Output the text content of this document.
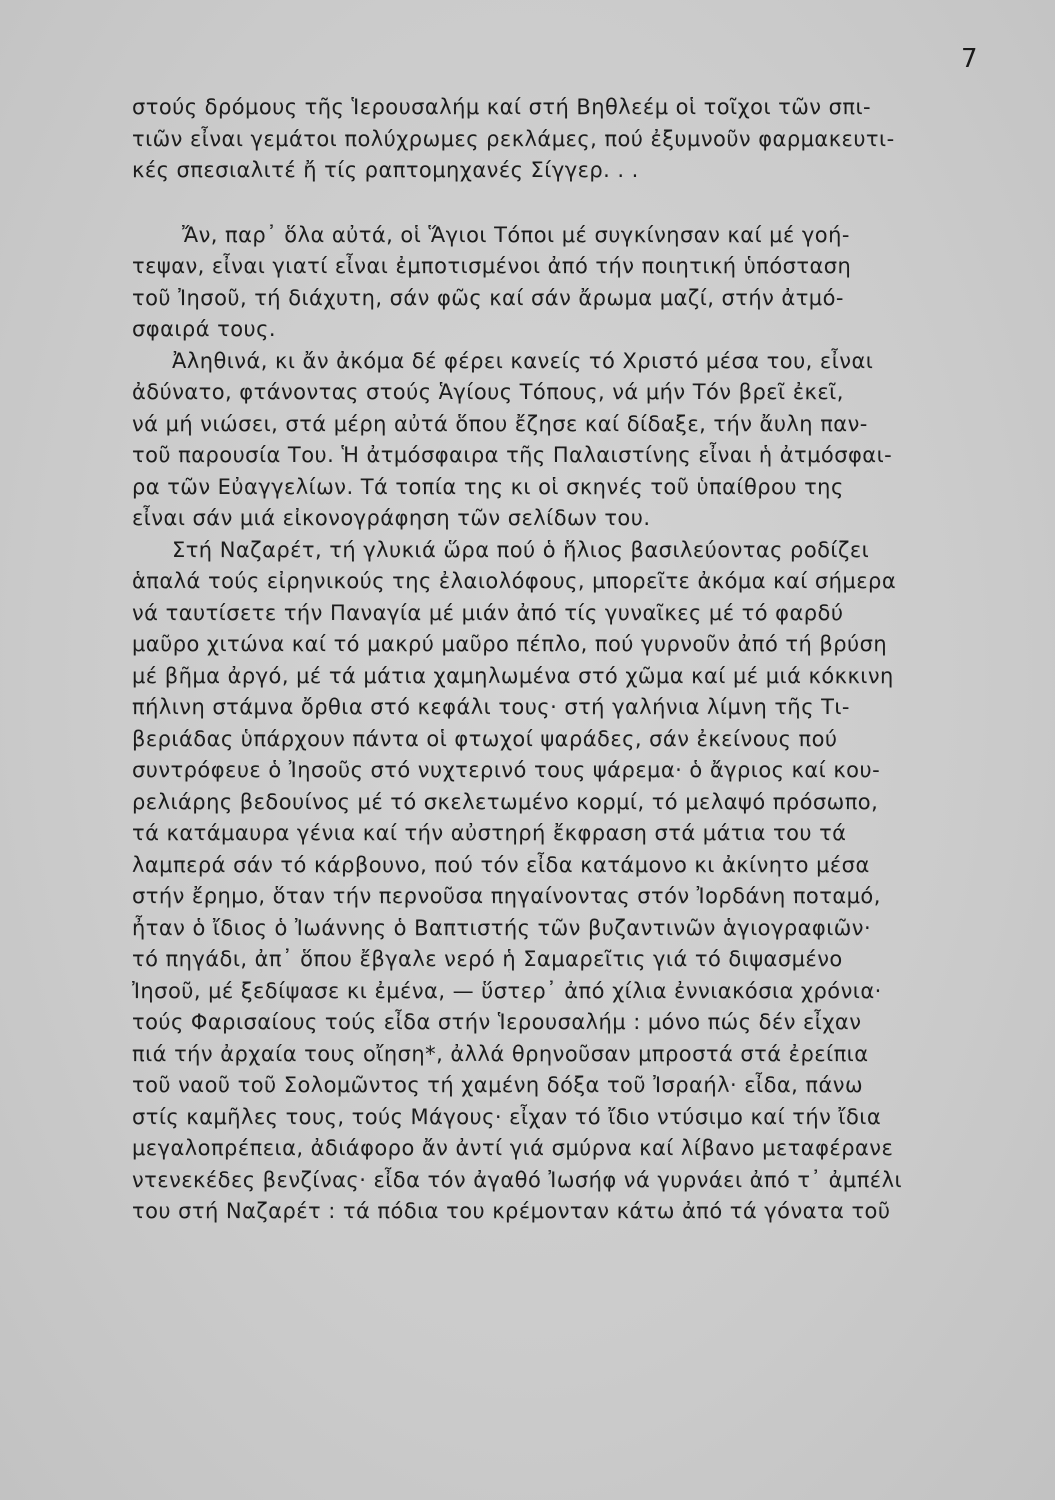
7
στούς δρόμους τῆς Ἱερουσαλήμ καί στή Βηθλεέμ οἱ τοῖχοι τῶν σπι-
τιῶν εἶναι γεμάτοι πολύχρωμες ρεκλάμες, πού ἐξυμνοῦν φαρμακευτι-
κές σπεσιαλιτέ ἤ τίς ραπτομηχανές Σίγγερ. . .
Ἄν, παρ᾽ ὅλα αὐτά, οἱ Ἅγιοι Τόποι μέ συγκίνησαν καί μέ γοή-
τεψαν, εἶναι γιατί εἶναι ἐμποτισμένοι ἀπό τήν ποιητική ὑπόσταση
τοῦ Ἰησοῦ, τή διάχυτη, σάν φῶς καί σάν ἄρωμα μαζί, στήν ἀτμό-
σφαιρά τους.
Ἀληθινά, κι ἄν ἀκόμα δέ φέρει κανείς τό Χριστό μέσα του, εἶναι
ἀδύνατο, φτάνοντας στούς Ἁγίους Τόπους, νά μήν Τόν βρεῖ ἐκεῖ,
νά μή νιώσει, στά μέρη αὐτά ὅπου ἔζησε καί δίδαξε, τήν ἄυλη παν-
τοῦ παρουσία Του. Ἡ ἀτμόσφαιρα τῆς Παλαιστίνης εἶναι ἡ ἀτμόσφαι-
ρα τῶν Εὐαγγελίων. Τά τοπία της κι οἱ σκηνές τοῦ ὑπαίθρου της
εἶναι σάν μιά εἰκονογράφηση τῶν σελίδων του.
Στή Ναζαρέτ, τή γλυκιά ὥρα πού ὁ ἥλιος βασιλεύοντας ροδίζει
ἁπαλά τούς εἰρηνικούς της ἐλαιολόφους, μπορεῖτε ἀκόμα καί σήμερα
νά ταυτίσετε τήν Παναγία μέ μιάν ἀπό τίς γυναῖκες μέ τό φαρδύ
μαῦρο χιτώνα καί τό μακρύ μαῦρο πέπλο, πού γυρνοῦν ἀπό τή βρύση
μέ βῆμα ἀργό, μέ τά μάτια χαμηλωμένα στό χῶμα καί μέ μιά κόκκινη
πήλινη στάμνα ὄρθια στό κεφάλι τους· στή γαλήνια λίμνη τῆς Τι-
βεριάδας ὑπάρχουν πάντα οἱ φτωχοί ψαράδες, σάν ἐκείνους πού
συντρόφευε ὁ Ἰησοῦς στό νυχτερινό τους ψάρεμα· ὁ ἄγριος καί κου-
ρελιάρης βεδουίνος μέ τό σκελετωμένο κορμί, τό μελαψό πρόσωπο,
τά κατάμαυρα γένια καί τήν αὐστηρή ἔκφραση στά μάτια του τά
λαμπερά σάν τό κάρβουνο, πού τόν εἶδα κατάμονο κι ἀκίνητο μέσα
στήν ἔρημο, ὅταν τήν περνοῦσα πηγαίνοντας στόν Ἰορδάνη ποταμό,
ἦταν ὁ ἴδιος ὁ Ἰωάννης ὁ Βαπτιστής τῶν βυζαντινῶν ἁγιογραφιῶν·
τό πηγάδι, ἀπ᾽ ὅπου ἔβγαλε νερό ἡ Σαμαρεῖτις γιά τό διψασμένο
Ἰησοῦ, μέ ξεδίψασε κι ἐμένα, — ὕστερ᾽ ἀπό χίλια ἐννιακόσια χρόνια·
τούς Φαρισαίους τούς εἶδα στήν Ἱερουσαλήμ : μόνο πώς δέν εἶχαν
πιά τήν ἀρχαία τους οἴηση*, ἀλλά θρηνοῦσαν μπροστά στά ἐρείπια
τοῦ ναοῦ τοῦ Σολομῶντος τή χαμένη δόξα τοῦ Ἰσραήλ· εἶδα, πάνω
στίς καμῆλες τους, τούς Μάγους· εἶχαν τό ἴδιο ντύσιμο καί τήν ἴδια
μεγαλοπρέπεια, ἀδιάφορο ἄν ἀντί γιά σμύρνα καί λίβανο μεταφέρανε
ντενεκέδες βενζίνας· εἶδα τόν ἀγαθό Ἰωσήφ νά γυρνάει ἀπό τ᾽ ἀμπέλι
του στή Ναζαρέτ : τά πόδια του κρέμονταν κάτω ἀπό τά γόνατα τοῦ
